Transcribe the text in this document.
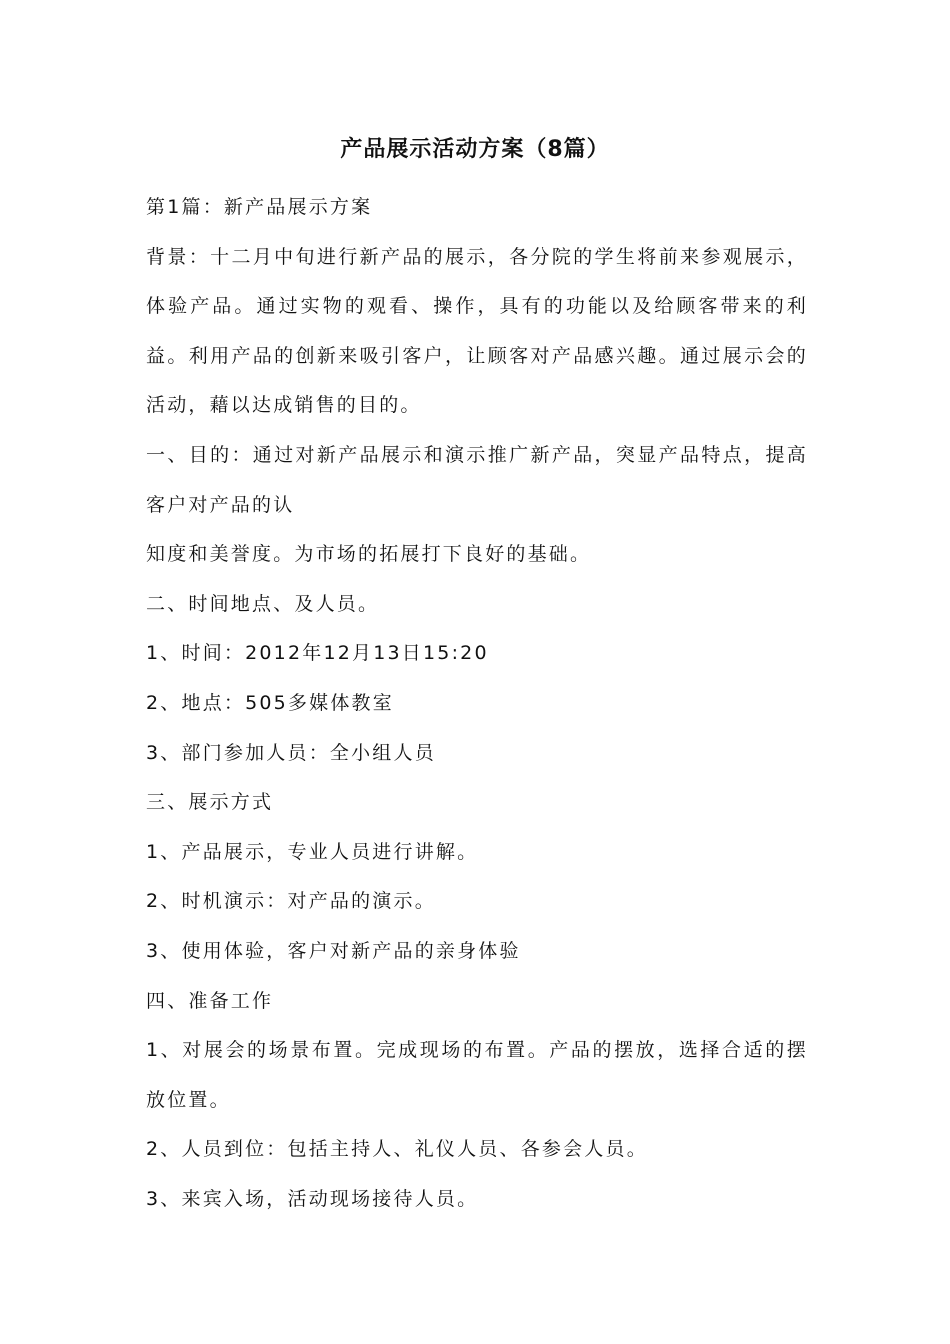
产品展示活动方案（8篇）

第1篇：新产品展示方案

背景：十二月中旬进行新产品的展示，各分院的学生将前来参观展示，体验产品。通过实物的观看、操作，具有的功能以及给顾客带来的利益。利用产品的创新来吸引客户，让顾客对产品感兴趣。通过展示会的活动，藉以达成销售的目的。

一、目的：通过对新产品展示和演示推广新产品，突显产品特点，提高客户对产品的认

知度和美誉度。为市场的拓展打下良好的基础。

二、时间地点、及人员。

1、时间：2012年12月13日15:20

2、地点：505多媒体教室

3、部门参加人员：全小组人员

三、展示方式

1、产品展示，专业人员进行讲解。

2、时机演示：对产品的演示。

3、使用体验，客户对新产品的亲身体验

四、准备工作

1、对展会的场景布置。完成现场的布置。产品的摆放，选择合适的摆放位置。

2、人员到位：包括主持人、礼仪人员、各参会人员。

3、来宾入场，活动现场接待人员。
